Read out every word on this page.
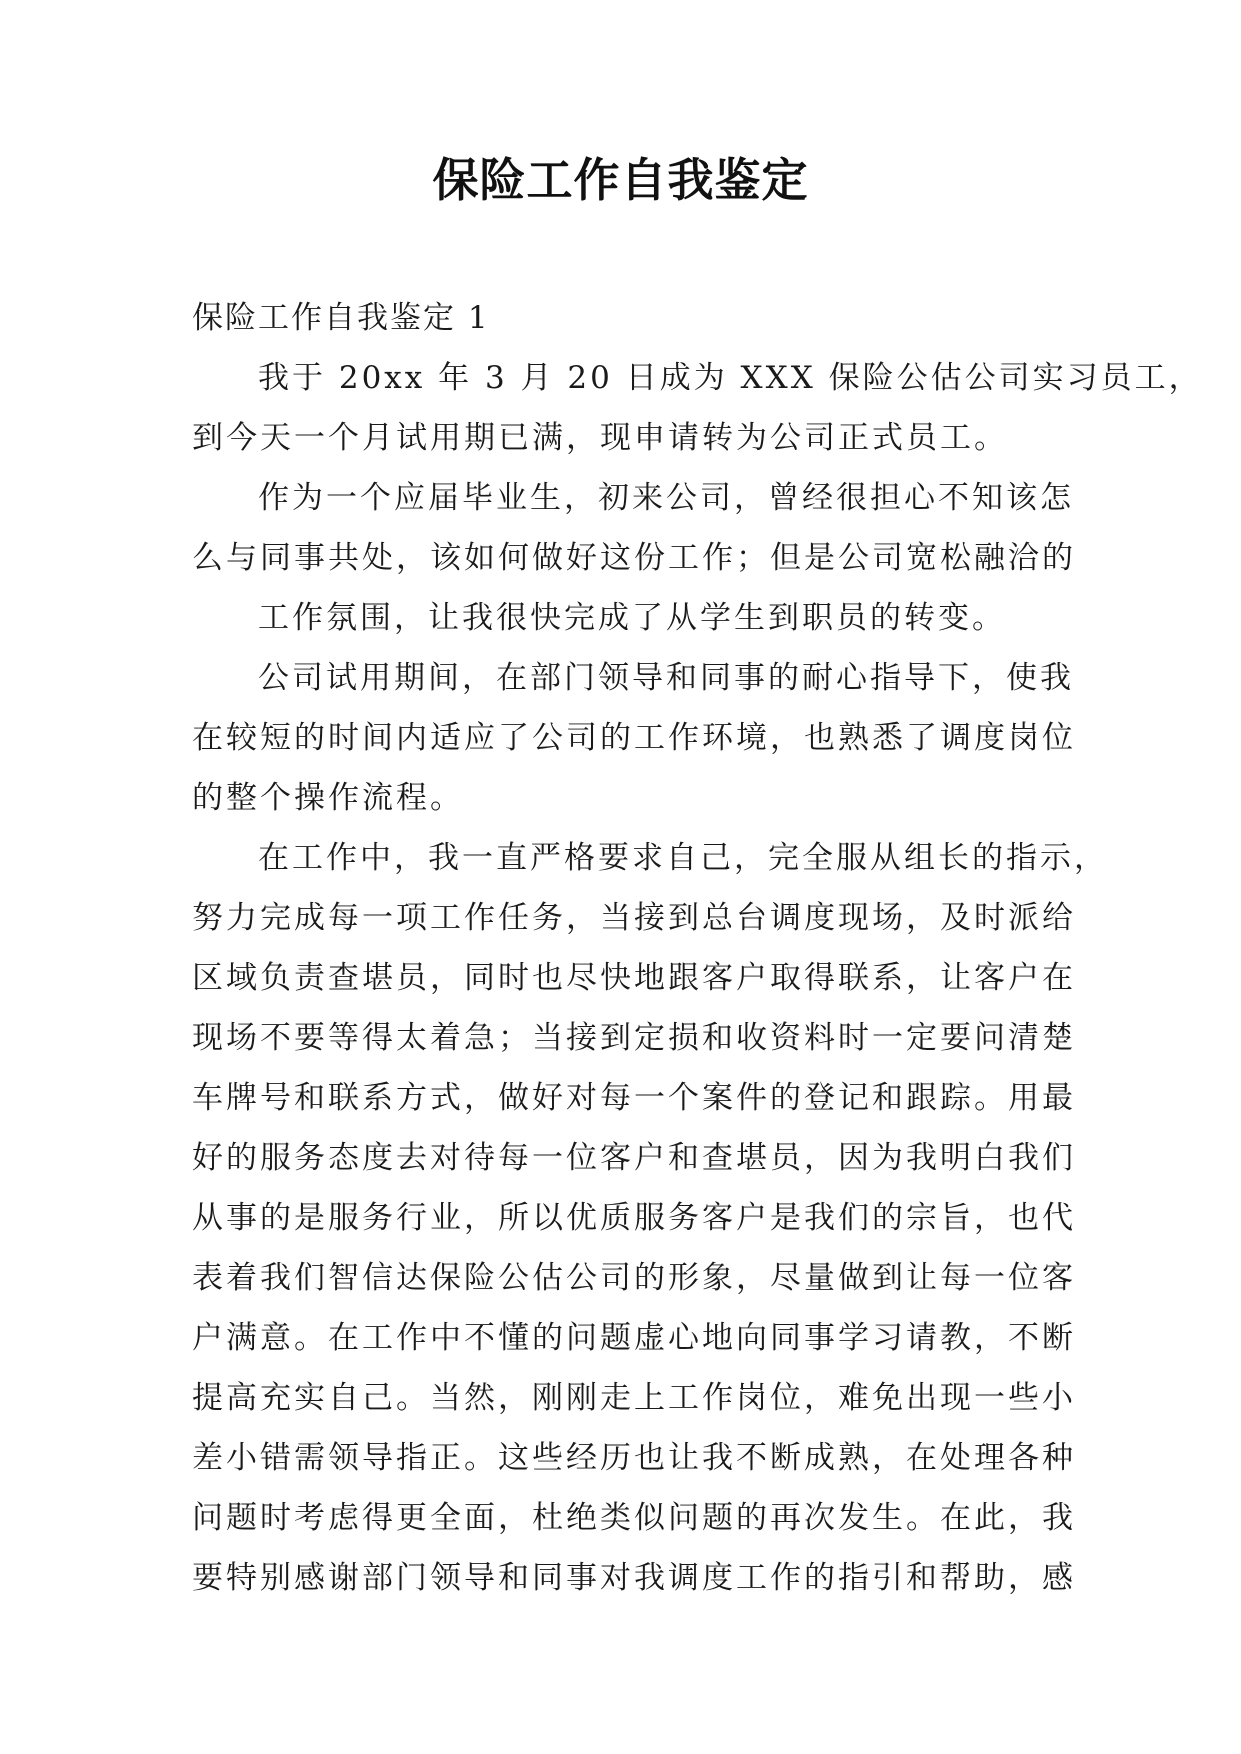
保险工作自我鉴定
保险工作自我鉴定 1
我于 20xx 年 3 月 20 日成为 XXX 保险公估公司实习员工，
到今天一个月试用期已满，现申请转为公司正式员工。
作为一个应届毕业生，初来公司，曾经很担心不知该怎
么与同事共处，该如何做好这份工作；但是公司宽松融洽的
工作氛围，让我很快完成了从学生到职员的转变。
公司试用期间，在部门领导和同事的耐心指导下，使我
在较短的时间内适应了公司的工作环境，也熟悉了调度岗位
的整个操作流程。
在工作中，我一直严格要求自己，完全服从组长的指示，
努力完成每一项工作任务，当接到总台调度现场，及时派给
区域负责查堪员，同时也尽快地跟客户取得联系，让客户在
现场不要等得太着急；当接到定损和收资料时一定要问清楚
车牌号和联系方式，做好对每一个案件的登记和跟踪。用最
好的服务态度去对待每一位客户和查堪员，因为我明白我们
从事的是服务行业，所以优质服务客户是我们的宗旨，也代
表着我们智信达保险公估公司的形象，尽量做到让每一位客
户满意。在工作中不懂的问题虚心地向同事学习请教，不断
提高充实自己。当然，刚刚走上工作岗位，难免出现一些小
差小错需领导指正。这些经历也让我不断成熟，在处理各种
问题时考虑得更全面，杜绝类似问题的再次发生。在此，我
要特别感谢部门领导和同事对我调度工作的指引和帮助，感
